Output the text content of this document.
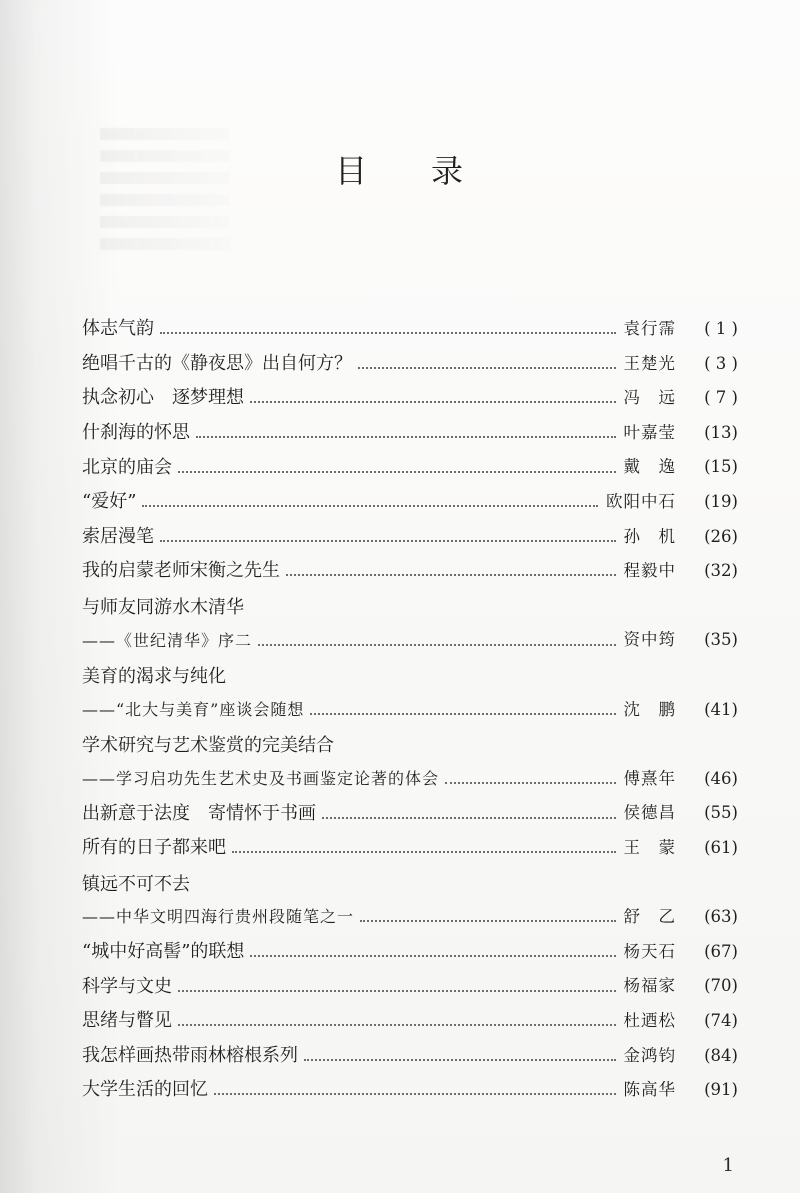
目 录
体志气韵	袁行霈	( 1 )
绝唱千古的《静夜思》出自何方？	王楚光	( 3 )
执念初心　逐梦理想	冯　远	( 7 )
什刹海的怀思	叶嘉莹	(13)
北京的庙会	戴　逸	(15)
“爱好”	欧阳中石	(19)
索居漫笔	孙　机	(26)
我的启蒙老师宋衡之先生	程毅中	(32)
与师友同游水木清华
——《世纪清华》序二	资中筠	(35)
美育的渴求与纯化
——“北大与美育”座谈会随想	沈　鹏	(41)
学术研究与艺术鉴赏的完美结合
——学习启功先生艺术史及书画鉴定论著的体会	傅熹年	(46)
出新意于法度　寄情怀于书画	侯德昌	(55)
所有的日子都来吧	王　蒙	(61)
镇远不可不去
——中华文明四海行贵州段随笔之一	舒　乙	(63)
“城中好高髻”的联想	杨天石	(67)
科学与文史	杨福家	(70)
思绪与瞥见	杜迺松	(74)
我怎样画热带雨林榕根系列	金鸿钧	(84)
大学生活的回忆	陈高华	(91)
1
